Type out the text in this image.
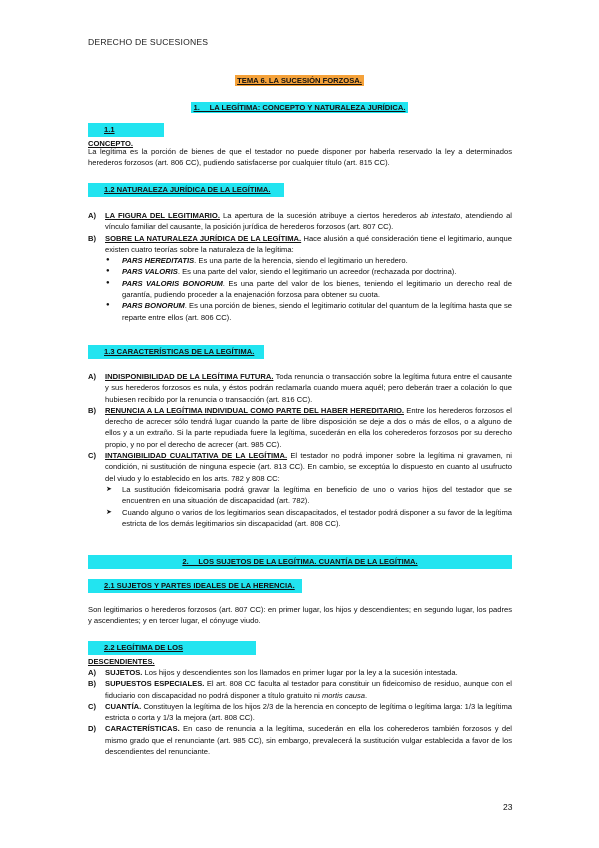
DERECHO DE SUCESIONES
TEMA 6. LA SUCESIÓN FORZOSA.
1.  LA LEGÍTIMA: CONCEPTO Y NATURALEZA JURÍDICA.
1.1 CONCEPTO.
La legítima es la porción de bienes de que el testador no puede disponer por haberla reservado la ley a determinados herederos forzosos (art. 806 CC), pudiendo satisfacerse por cualquier título (art. 815 CC).
1.2 NATURALEZA JURÍDICA DE LA LEGÍTIMA.
A) LA FIGURA DEL LEGITIMARIO. La apertura de la sucesión atribuye a ciertos herederos ab intestato, atendiendo al vínculo familiar del causante, la posición jurídica de herederos forzosos (art. 807 CC).
B) SOBRE LA NATURALEZA JURÍDICA DE LA LEGÍTIMA. Hace alusión a qué consideración tiene el legitimario, aunque existen cuatro teorías sobre la naturaleza de la legítima:
● PARS HEREDITATIS. Es una parte de la herencia, siendo el legitimario un heredero.
● PARS VALORIS. Es una parte del valor, siendo el legitimario un acreedor (rechazada por doctrina).
● PARS VALORIS BONORUM. Es una parte del valor de los bienes, teniendo el legitimario un derecho real de garantía, pudiendo proceder a la enajenación forzosa para obtener su cuota.
● PARS BONORUM. Es una porción de bienes, siendo el legitimario cotitular del quantum de la legítima hasta que se reparte entre ellos (art. 806 CC).
1.3 CARACTERÍSTICAS DE LA LEGÍTIMA.
A) INDISPONIBILIDAD DE LA LEGÍTIMA FUTURA. Toda renuncia o transacción sobre la legítima futura entre el causante y sus herederos forzosos es nula, y éstos podrán reclamarla cuando muera aquél; pero deberán traer a colación lo que hubiesen recibido por la renuncia o transacción (art. 816 CC).
B) RENUNCIA A LA LEGÍTIMA INDIVIDUAL COMO PARTE DEL HABER HEREDITARIO. Entre los herederos forzosos el derecho de acrecer sólo tendrá lugar cuando la parte de libre disposición se deje a dos o más de ellos, o a alguno de ellos y a un extraño. Si la parte repudiada fuere la legítima, sucederán en ella los coherederos forzosos por su derecho propio, y no por el derecho de acrecer (art. 985 CC).
C) INTANGIBILIDAD CUALITATIVA DE LA LEGÍTIMA. El testador no podrá imponer sobre la legítima ni gravamen, ni condición, ni sustitución de ninguna especie (art. 813 CC). En cambio, se exceptúa lo dispuesto en cuanto al usufructo del viudo y lo establecido en los arts. 782 y 808 CC:
➤ La sustitución fideicomisaria podrá gravar la legítima en beneficio de uno o varios hijos del testador que se encuentren en una situación de discapacidad (art. 782).
➤ Cuando alguno o varios de los legitimarios sean discapacitados, el testador podrá disponer a su favor de la legítima estricta de los demás legitimarios sin discapacidad (art. 808 CC).
2.  LOS SUJETOS DE LA LEGÍTIMA. CUANTÍA DE LA LEGÍTIMA.
2.1 SUJETOS Y PARTES IDEALES DE LA HERENCIA.
Son legitimarios o herederos forzosos (art. 807 CC): en primer lugar, los hijos y descendientes; en segundo lugar, los padres y ascendientes; y en tercer lugar, el cónyuge viudo.
2.2 LEGÍTIMA DE LOS DESCENDIENTES.
A) SUJETOS. Los hijos y descendientes son los llamados en primer lugar por la ley a la sucesión intestada.
B) SUPUESTOS ESPECIALES. El art. 808 CC faculta al testador para constituir un fideicomiso de residuo, aunque con el fiduciario con discapacidad no podrá disponer a título gratuito ni mortis causa.
C) CUANTÍA. Constituyen la legítima de los hijos 2/3 de la herencia en concepto de legítima o legítima larga: 1/3 la legítima estricta o corta y 1/3 la mejora (art. 808 CC).
D) CARACTERÍSTICAS. En caso de renuncia a la legítima, sucederán en ella los coherederos también forzosos y del mismo grado que el renunciante (art. 985 CC), sin embargo, prevalecerá la sustitución vulgar establecida a favor de los descendientes del renunciante.
23
